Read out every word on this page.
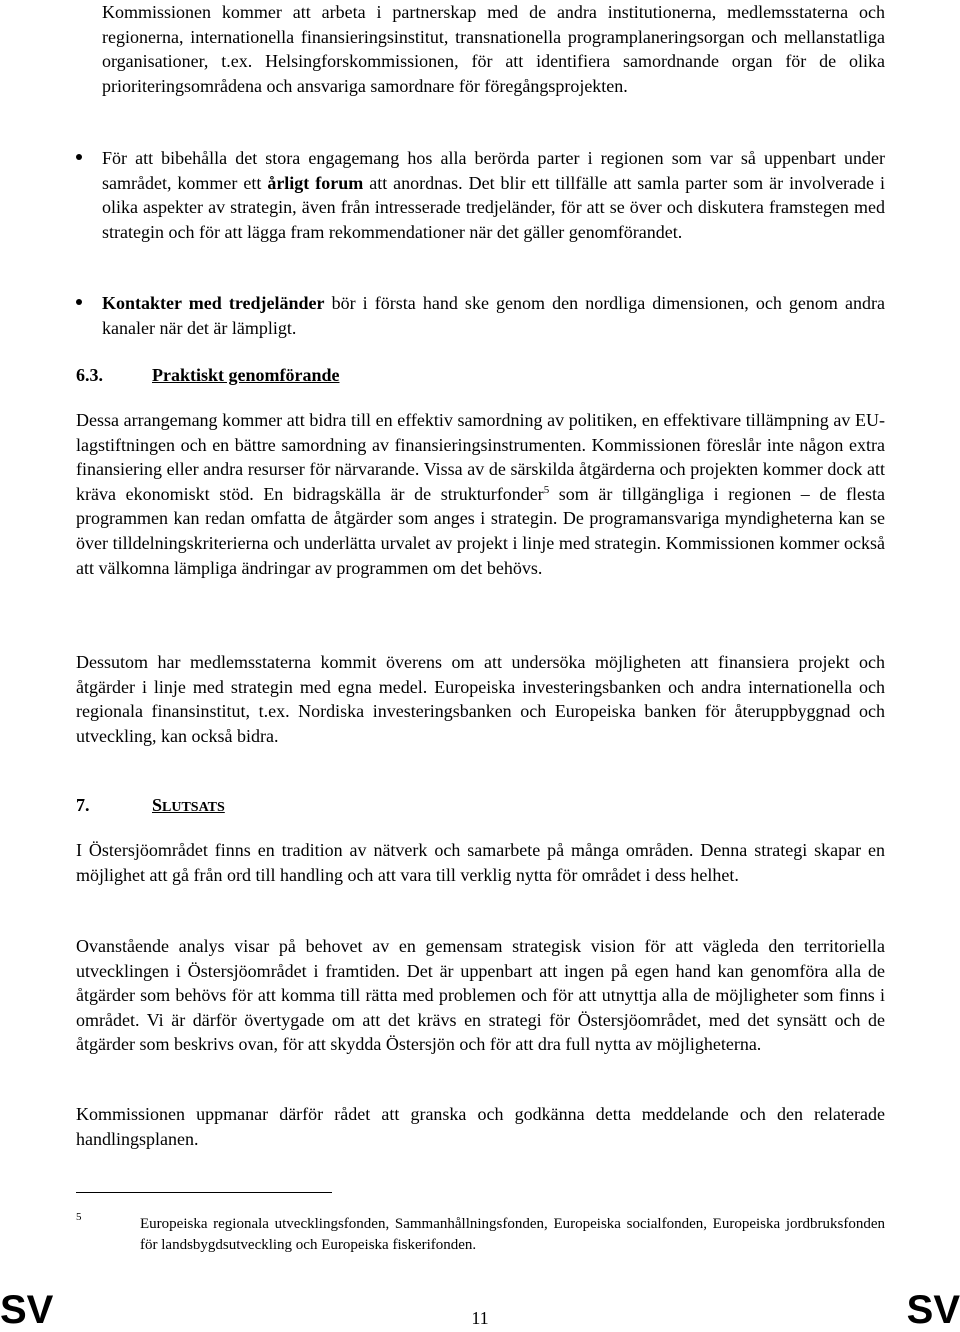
Kommissionen kommer att arbeta i partnerskap med de andra institutionerna, medlemsstaterna och regionerna, internationella finansieringsinstitut, transnationella programplaneringsorgan och mellanstatliga organisationer, t.ex. Helsingforskommissionen, för att identifiera samordnande organ för de olika prioriteringsområdena och ansvariga samordnare för föregångsprojekten.

För att bibehålla det stora engagemang hos alla berörda parter i regionen som var så uppenbart under samrådet, kommer ett årligt forum att anordnas. Det blir ett tillfälle att samla parter som är involverade i olika aspekter av strategin, även från intresserade tredjeländer, för att se över och diskutera framstegen med strategin och för att lägga fram rekommendationer när det gäller genomförandet.

Kontakter med tredjeländer bör i första hand ske genom den nordliga dimensionen, och genom andra kanaler när det är lämpligt.

6.3.	Praktiskt genomförande

Dessa arrangemang kommer att bidra till en effektiv samordning av politiken, en effektivare tillämpning av EU-lagstiftningen och en bättre samordning av finansieringsinstrumenten. Kommissionen föreslår inte någon extra finansiering eller andra resurser för närvarande. Vissa av de särskilda åtgärderna och projekten kommer dock att kräva ekonomiskt stöd. En bidragskälla är de strukturfonder$^5$ som är tillgängliga i regionen – de flesta programmen kan redan omfatta de åtgärder som anges i strategin. De programansvariga myndigheterna kan se över tilldelningskriterierna och underlätta urvalet av projekt i linje med strategin. Kommissionen kommer också att välkomna lämpliga ändringar av programmen om det behövs.

Dessutom har medlemsstaterna kommit överens om att undersöka möjligheten att finansiera projekt och åtgärder i linje med strategin med egna medel. Europeiska investeringsbanken och andra internationella och regionala finansinstitut, t.ex. Nordiska investeringsbanken och Europeiska banken för återuppbyggnad och utveckling, kan också bidra.

7.	SLUTSATS

I Östersjöområdet finns en tradition av nätverk och samarbete på många områden. Denna strategi skapar en möjlighet att gå från ord till handling och att vara till verklig nytta för området i dess helhet.

Ovanstående analys visar på behovet av en gemensam strategisk vision för att vägleda den territoriella utvecklingen i Östersjöområdet i framtiden. Det är uppenbart att ingen på egen hand kan genomföra alla de åtgärder som behövs för att komma till rätta med problemen och för att utnyttja alla de möjligheter som finns i området. Vi är därför övertygade om att det krävs en strategi för Östersjöområdet, med det synsätt och de åtgärder som beskrivs ovan, för att skydda Östersjön och för att dra full nytta av möjligheterna.

Kommissionen uppmanar därför rådet att granska och godkänna detta meddelande och den relaterade handlingsplanen.

5	Europeiska regionala utvecklingsfonden, Sammanhållningsfonden, Europeiska socialfonden, Europeiska jordbruksfonden för landsbygdsutveckling och Europeiska fiskerifonden.

SV	11	SV
